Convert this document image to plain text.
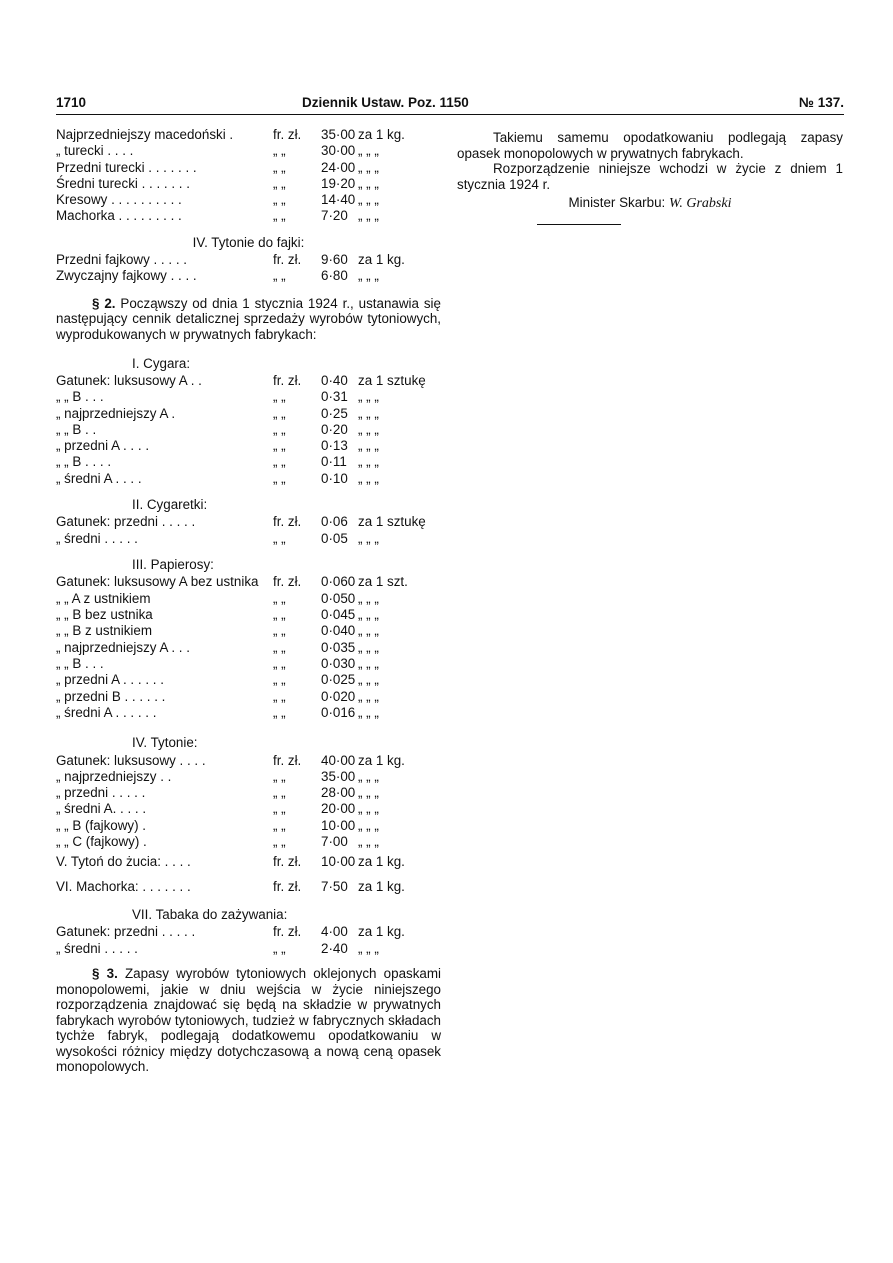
1710	Dziennik Ustaw. Poz. 1150	№ 137.
Najprzedniejszy macedoński .	fr. zł. 35·00 za 1 kg.
„ turecki . . . .	„ „	30·00 „ „ „
Przedni turecki . . . . . . .	„ „	24·00 „ „ „
Średni turecki . . . . . . .	„ „	19·20 „ „ „
Kresowy . . . . . . . . . .	„ „	14·40 „ „ „
Machorka . . . . . . . . .	„ „	7·20 „ „ „
IV. Tytonie do fajki:
Przedni fajkowy . . . . .	fr. zł. 9·60 za 1 kg.
Zwyczajny fajkowy . . . .	„ „	6·80 „ „ „

§ 2. Począwszy od dnia 1 stycznia 1924 r., ustanawia się następujący cennik detalicznej sprzedaży wyrobów tytoniowych, wyprodukowanych w prywatnych fabrykach:

I. Cygara:
Gatunek: luksusowy A . .	fr. zł. 0·40 za 1 sztukę
„ „ B . . .	„ „	0·31 „ „ „
„ najprzedniejszy A .	„ „	0·25 „ „ „
„ „ B . .	„ „	0·20 „ „ „
„ przedni A . . . .	„ „	0·13 „ „ „
„ „ B . . . .	„ „	0·11 „ „ „
„ średni A . . . .	„ „	0·10 „ „ „
II. Cygaretki:
Gatunek: przedni . . . . .	fr. zł. 0·06 za 1 sztukę
„ średni . . . . .	„ „	0·05 „ „ „
III. Papierosy:
Gatunek: luksusowy A bez ustnika fr. zł. 0·060 za 1 szt.
„ „ A z ustnikiem	„ „	0·050 „ „ „
„ „ B bez ustnika	„ „	0·045 „ „ „
„ „ B z ustnikiem	„ „	0·040 „ „ „
„ najprzedniejszy A . . .	„ „	0·035 „ „ „
„ „ B . . .	„ „	0·030 „ „ „
„ przedni A . . . . . .	„ „	0·025 „ „ „
„ przedni B . . . . . .	„ „	0·020 „ „ „
„ średni A . . . . . .	„ „	0·016 „ „ „
IV. Tytonie:
Gatunek: luksusowy . . . .	fr. zł. 40·00 za 1 kg.
„ najprzedniejszy . .	„ „	35·00 „ „ „
„ przedni . . . . .	„ „	28·00 „ „ „
„ średni A. . . . .	„ „	20·00 „ „ „
„ „ B (fajkowy) .	„ „	10·00 „ „ „
„ „ C (fajkowy) .	„ „	7·00 „ „ „
V. Tytoń do żucia: . . . .	fr. zł. 10·00 za 1 kg.
VI. Machorka: . . . . . . .	fr. zł. 7·50 za 1 kg.
VII. Tabaka do zażywania:
Gatunek: przedni . . . . .	fr. zł. 4·00 za 1 kg.
„ średni . . . . .	„ „	2·40 „ „ „

§ 3. Zapasy wyrobów tytoniowych oklejonych opaskami monopolowemi, jakie w dniu wejścia w życie niniejszego rozporządzenia znajdować się będą na składzie w prywatnych fabrykach wyrobów tytoniowych, tudzież w fabrycznych składach tychże fabryk, podlegają dodatkowemu opodatkowaniu w wysokości różnicy między dotychczasową a nową ceną opasek monopolowych.

Takiemu samemu opodatkowaniu podlegają zapasy opasek monopolowych w prywatnych fabrykach.

Rozporządzenie niniejsze wchodzi w życie z dniem 1 stycznia 1924 r.

Minister Skarbu: W. Grabski
